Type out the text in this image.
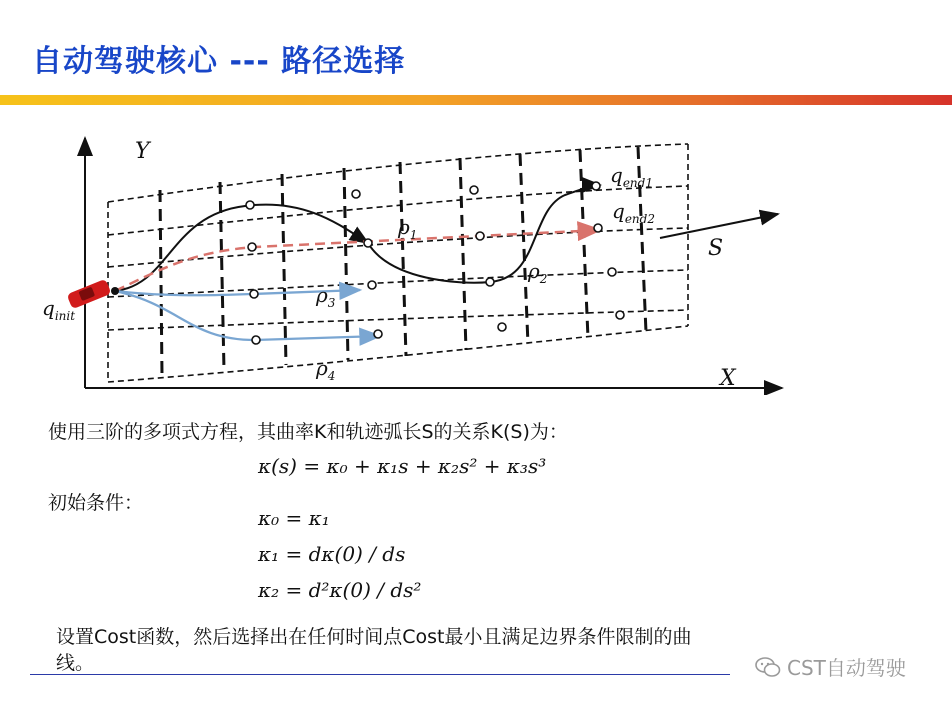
自动驾驶核心 --- 路径选择
Y
X
S
$q_{init}$
$q_{end1}$
$q_{end2}$
$\rho_1$
$\rho_2$
$\rho_3$
$\rho_4$
使用三阶的多项式方程，其曲率K和轨迹弧长S的关系K(S)为：
κ(s) = κ₀ + κ₁s + κ₂s² + κ₃s³
初始条件：
κ₀ = κ₁
κ₁ = dκ(0) / ds
κ₂ = d²κ(0) / ds²
设置Cost函数，然后选择出在任何时间点Cost最小且满足边界条件限制的曲
线。	CST自动驾驶
